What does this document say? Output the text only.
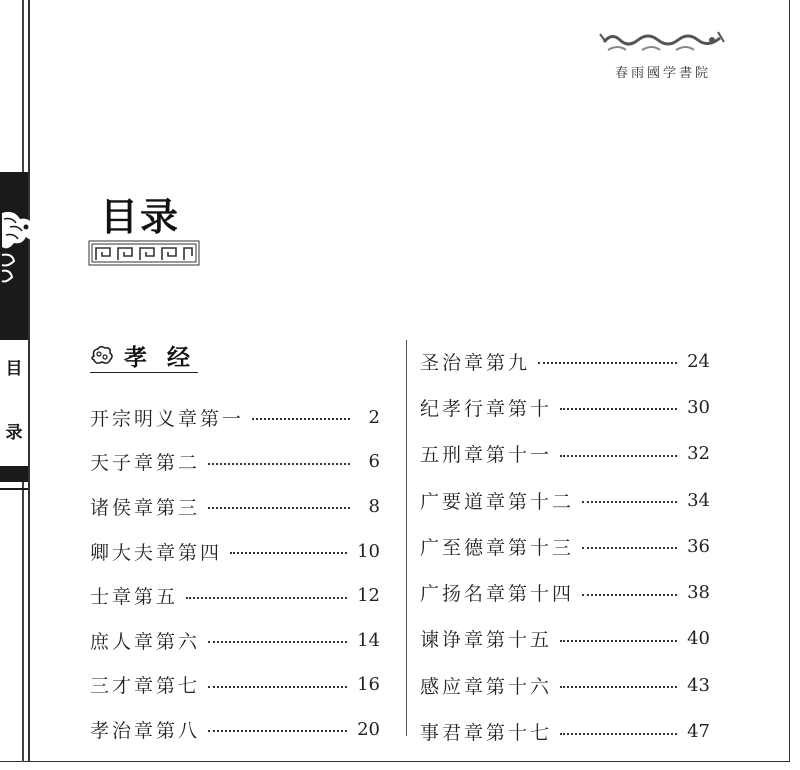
目
录
春雨國学書院
目录
孝 经
开宗明义章第一	2
天子章第二	6
诸侯章第三	8
卿大夫章第四	10
士章第五	12
庶人章第六	14
三才章第七	16
孝治章第八	20
圣治章第九	24
纪孝行章第十	30
五刑章第十一	32
广要道章第十二	34
广至德章第十三	36
广扬名章第十四	38
谏诤章第十五	40
感应章第十六	43
事君章第十七	47
